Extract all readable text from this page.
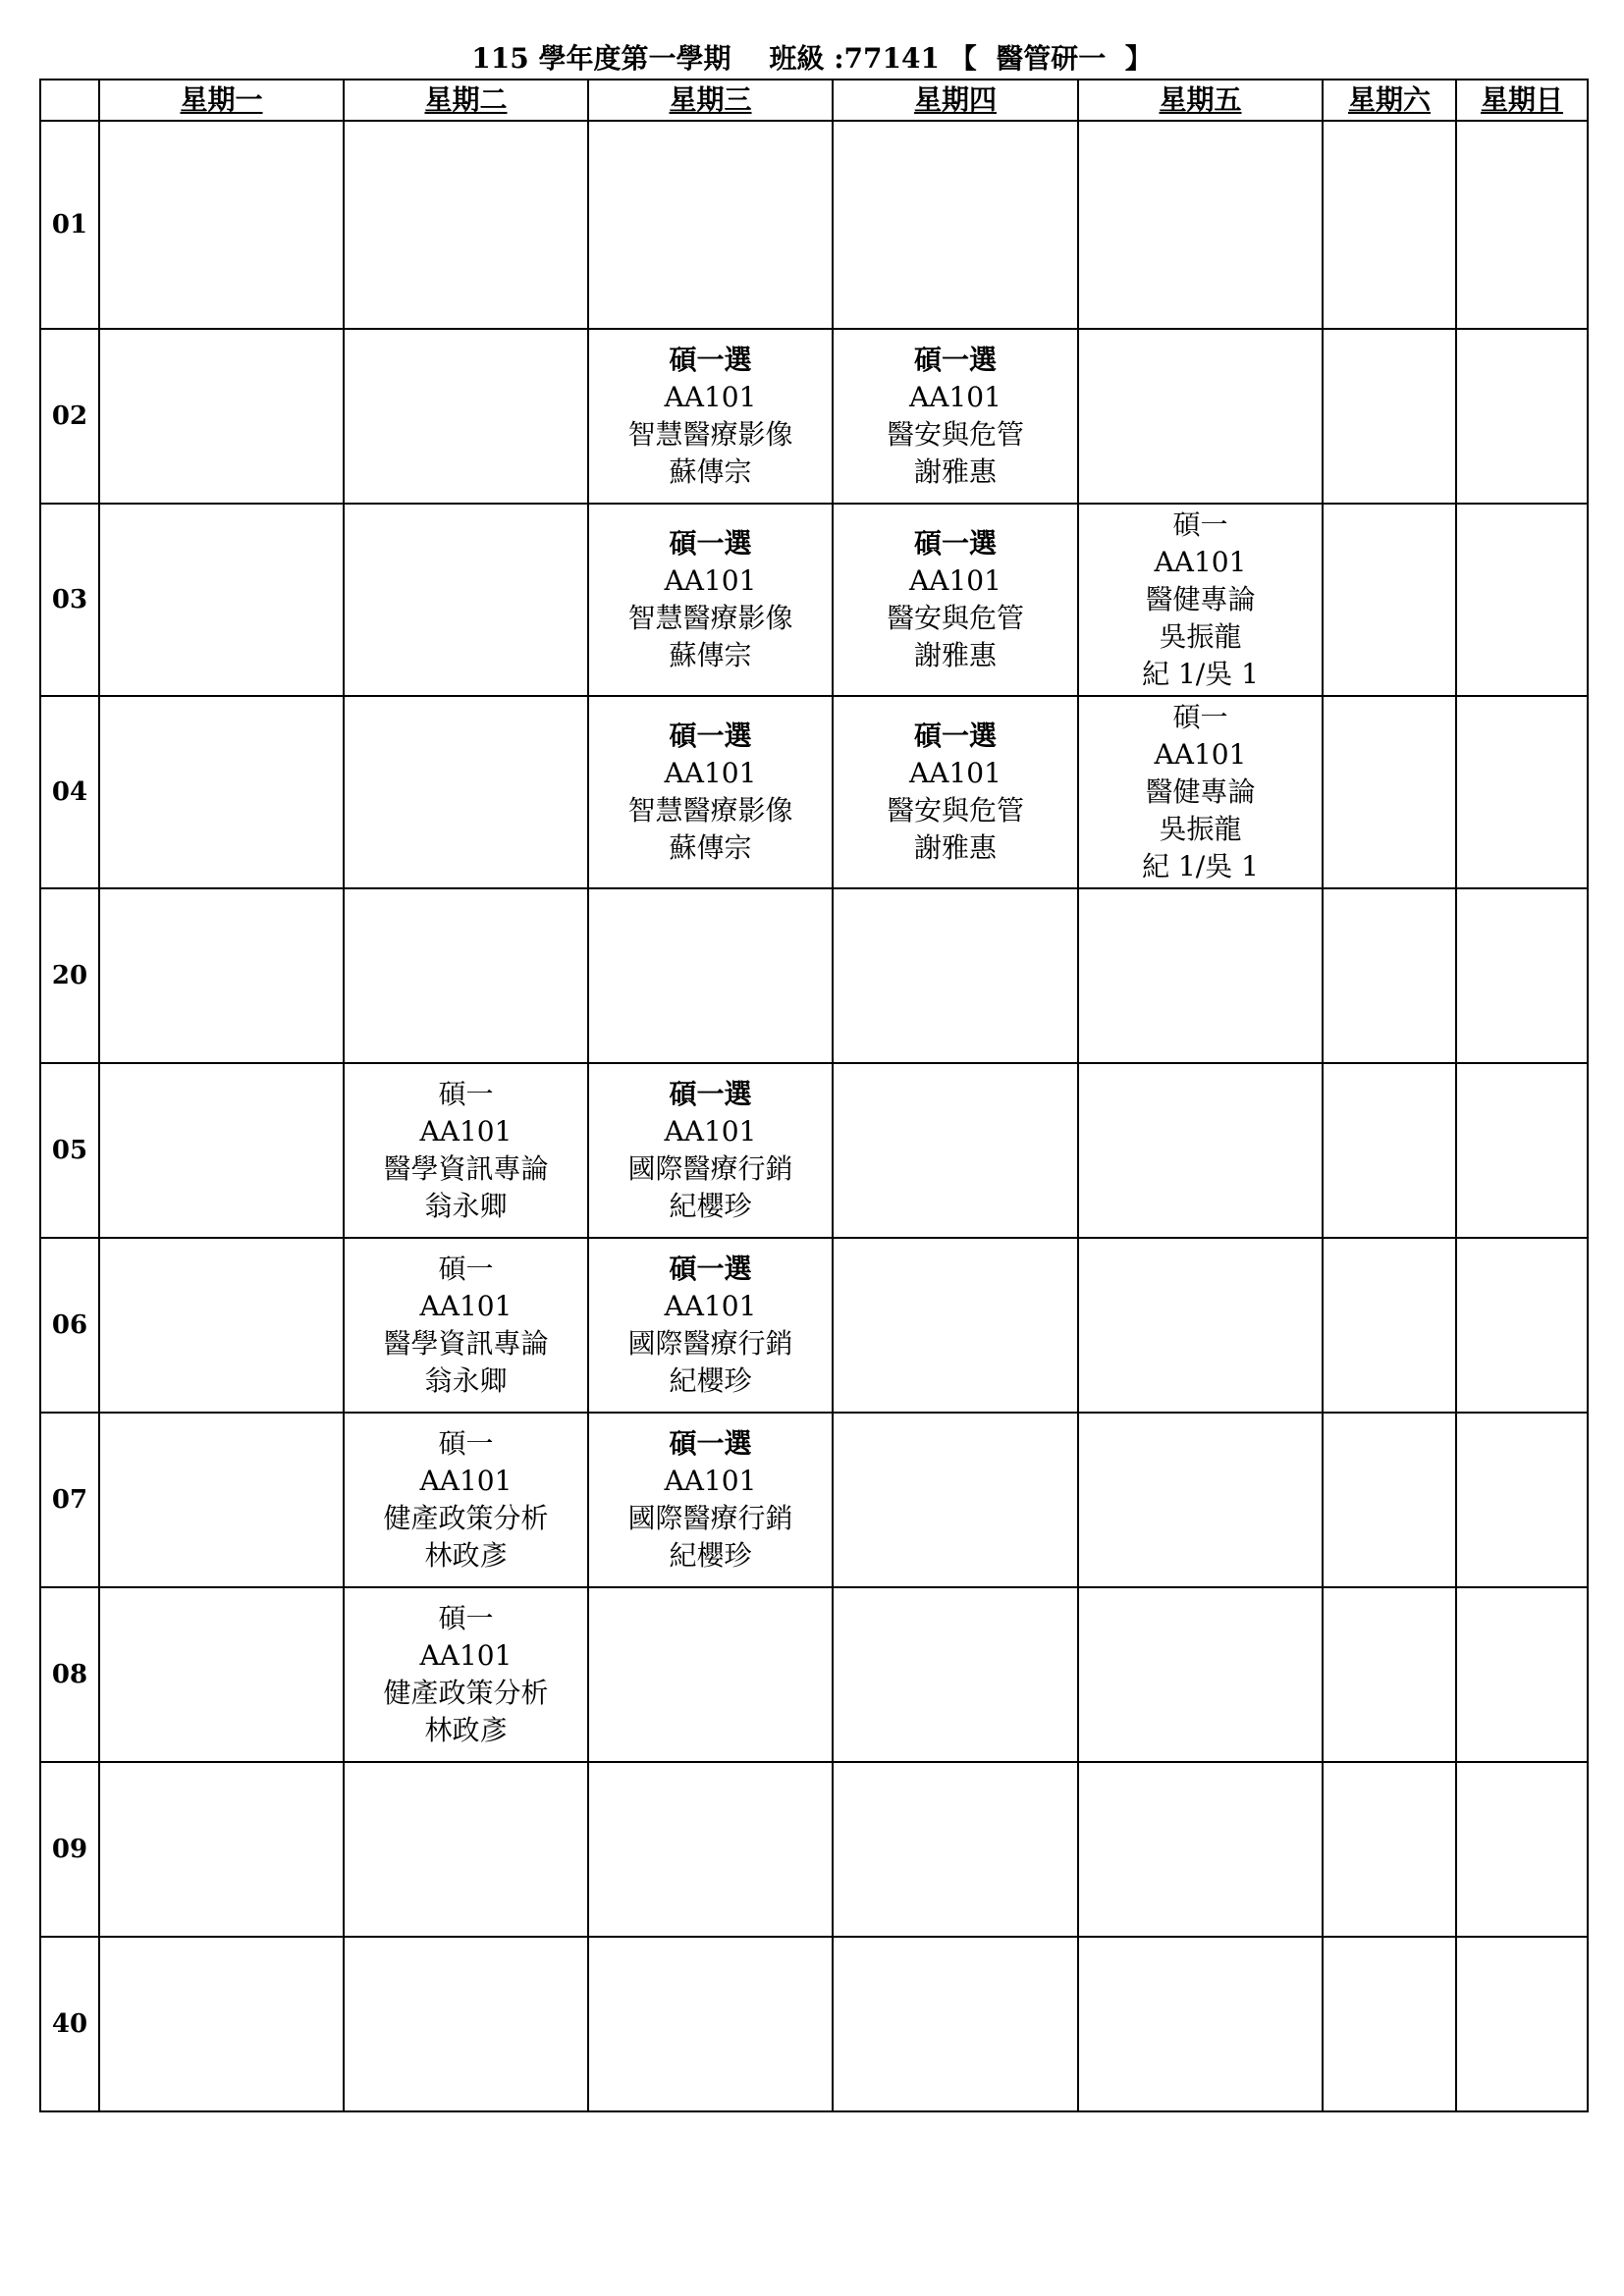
115 學年度第一學期    班級 :77141 【  醫管研一  】
	星期一	星期二	星期三	星期四	星期五	星期六	星期日
01							
02			碩一選
AA101
智慧醫療影像
蘇傳宗	碩一選
AA101
醫安與危管
謝雅惠			

03			碩一選
AA101
智慧醫療影像
蘇傳宗	碩一選
AA101
醫安與危管
謝雅惠	碩一
AA101
醫健專論
吳振龍
紀 1/吳 1		

04			碩一選
AA101
智慧醫療影像
蘇傳宗	碩一選
AA101
醫安與危管
謝雅惠	碩一
AA101
醫健專論
吳振龍
紀 1/吳 1		

20							
05		碩一
AA101
醫學資訊專論
翁永卿	碩一選
AA101
國際醫療行銷
紀櫻珍				

06		碩一
AA101
醫學資訊專論
翁永卿	碩一選
AA101
國際醫療行銷
紀櫻珍				

07		碩一
AA101
健產政策分析
林政彥	碩一選
AA101
國際醫療行銷
紀櫻珍				

08		碩一
AA101
健產政策分析
林政彥					

09							
40							
